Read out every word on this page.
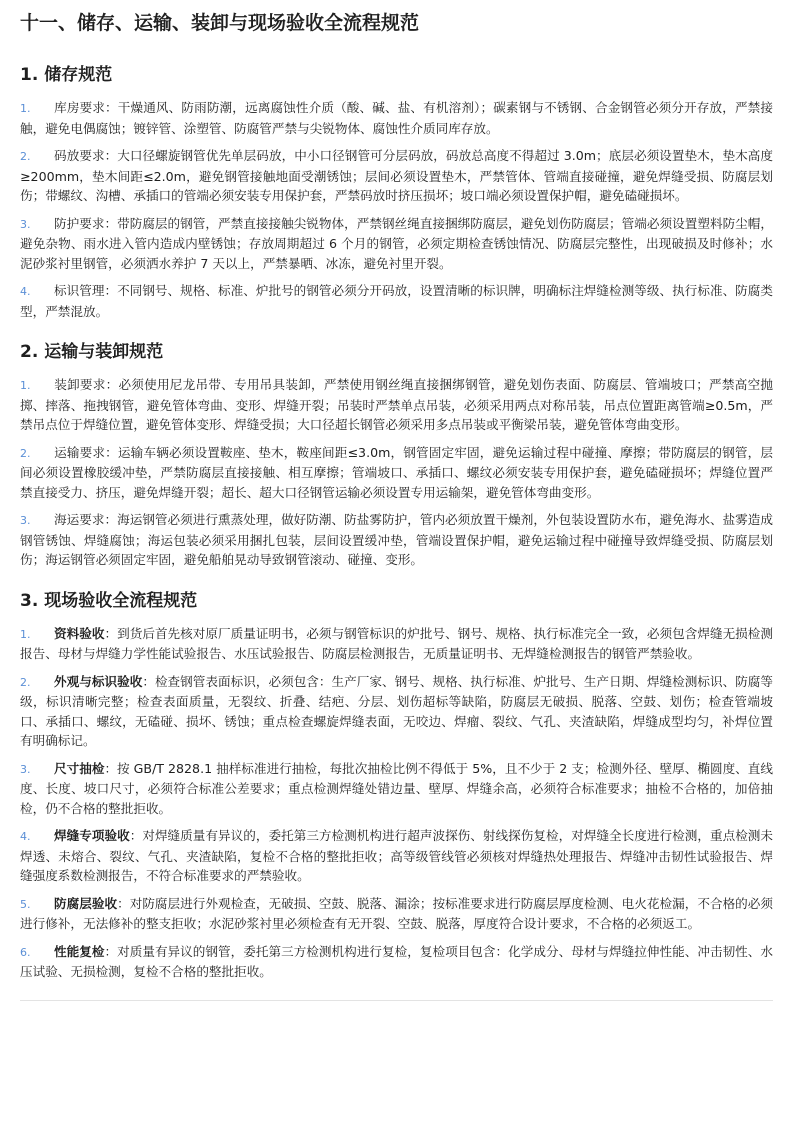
十一、储存、运输、装卸与现场验收全流程规范
1. 储存规范
1. 库房要求：干燥通风、防雨防潮，远离腐蚀性介质（酸、碱、盐、有机溶剂）；碳素钢与不锈钢、合金钢管必须分开存放，严禁接触，避免电偶腐蚀；镀锌管、涂塑管、防腐管严禁与尖锐物体、腐蚀性介质同库存放。
2. 码放要求：大口径螺旋钢管优先单层码放，中小口径钢管可分层码放，码放总高度不得超过 3.0m；底层必须设置垫木，垫木高度≥200mm，垫木间距≤2.0m，避免钢管接触地面受潮锈蚀；层间必须设置垫木，严禁管体、管端直接碰撞，避免焊缝受损、防腐层划伤；带螺纹、沟槽、承插口的管端必须安装专用保护套，严禁码放时挤压损坏；坡口端必须设置保护帽，避免磕碰损坏。
3. 防护要求：带防腐层的钢管，严禁直接接触尖锐物体，严禁钢丝绳直接捆绑防腐层，避免划伤防腐层；管端必须设置塑料防尘帽，避免杂物、雨水进入管内造成内壁锈蚀；存放周期超过 6 个月的钢管，必须定期检查锈蚀情况、防腐层完整性，出现破损及时修补；水泥砂浆衬里钢管，必须洒水养护 7 天以上，严禁暴晒、冰冻，避免衬里开裂。
4. 标识管理：不同钢号、规格、标准、炉批号的钢管必须分开码放，设置清晰的标识牌，明确标注焊缝检测等级、执行标准、防腐类型，严禁混放。
2. 运输与装卸规范
1. 装卸要求：必须使用尼龙吊带、专用吊具装卸，严禁使用钢丝绳直接捆绑钢管，避免划伤表面、防腐层、管端坡口；严禁高空抛掷、摔落、拖拽钢管，避免管体弯曲、变形、焊缝开裂；吊装时严禁单点吊装，必须采用两点对称吊装，吊点位置距离管端≥0.5m，严禁吊点位于焊缝位置，避免管体变形、焊缝受损；大口径超长钢管必须采用多点吊装或平衡梁吊装，避免管体弯曲变形。
2. 运输要求：运输车辆必须设置鞍座、垫木，鞍座间距≤3.0m，钢管固定牢固，避免运输过程中碰撞、摩擦；带防腐层的钢管，层间必须设置橡胶缓冲垫，严禁防腐层直接接触、相互摩擦；管端坡口、承插口、螺纹必须安装专用保护套，避免磕碰损坏；焊缝位置严禁直接受力、挤压，避免焊缝开裂；超长、超大口径钢管运输必须设置专用运输架，避免管体弯曲变形。
3. 海运要求：海运钢管必须进行熏蒸处理，做好防潮、防盐雾防护，管内必须放置干燥剂，外包装设置防水布，避免海水、盐雾造成钢管锈蚀、焊缝腐蚀；海运包装必须采用捆扎包装，层间设置缓冲垫，管端设置保护帽，避免运输过程中碰撞导致焊缝受损、防腐层划伤；海运钢管必须固定牢固，避免船舶晃动导致钢管滚动、碰撞、变形。
3. 现场验收全流程规范
1. 资料验收：到货后首先核对原厂质量证明书，必须与钢管标识的炉批号、钢号、规格、执行标准完全一致，必须包含焊缝无损检测报告、母材与焊缝力学性能试验报告、水压试验报告、防腐层检测报告，无质量证明书、无焊缝检测报告的钢管严禁验收。
2. 外观与标识验收：检查钢管表面标识，必须包含：生产厂家、钢号、规格、执行标准、炉批号、生产日期、焊缝检测标识、防腐等级，标识清晰完整；检查表面质量，无裂纹、折叠、结疤、分层、划伤超标等缺陷，防腐层无破损、脱落、空鼓、划伤；检查管端坡口、承插口、螺纹，无磕碰、损坏、锈蚀；重点检查螺旋焊缝表面，无咬边、焊瘤、裂纹、气孔、夹渣缺陷，焊缝成型均匀，补焊位置有明确标记。
3. 尺寸抽检：按 GB/T 2828.1 抽样标准进行抽检，每批次抽检比例不得低于 5%，且不少于 2 支；检测外径、壁厚、椭圆度、直线度、长度、坡口尺寸，必须符合标准公差要求；重点检测焊缝处错边量、壁厚、焊缝余高，必须符合标准要求；抽检不合格的，加倍抽检，仍不合格的整批拒收。
4. 焊缝专项验收：对焊缝质量有异议的，委托第三方检测机构进行超声波探伤、射线探伤复检，对焊缝全长度进行检测，重点检测未焊透、未熔合、裂纹、气孔、夹渣缺陷，复检不合格的整批拒收；高等级管线管必须核对焊缝热处理报告、焊缝冲击韧性试验报告、焊缝强度系数检测报告，不符合标准要求的严禁验收。
5. 防腐层验收：对防腐层进行外观检查，无破损、空鼓、脱落、漏涂；按标准要求进行防腐层厚度检测、电火花检漏，不合格的必须进行修补，无法修补的整支拒收；水泥砂浆衬里必须检查有无开裂、空鼓、脱落，厚度符合设计要求，不合格的必须返工。
6. 性能复检：对质量有异议的钢管，委托第三方检测机构进行复检，复检项目包含：化学成分、母材与焊缝拉伸性能、冲击韧性、水压试验、无损检测，复检不合格的整批拒收。
